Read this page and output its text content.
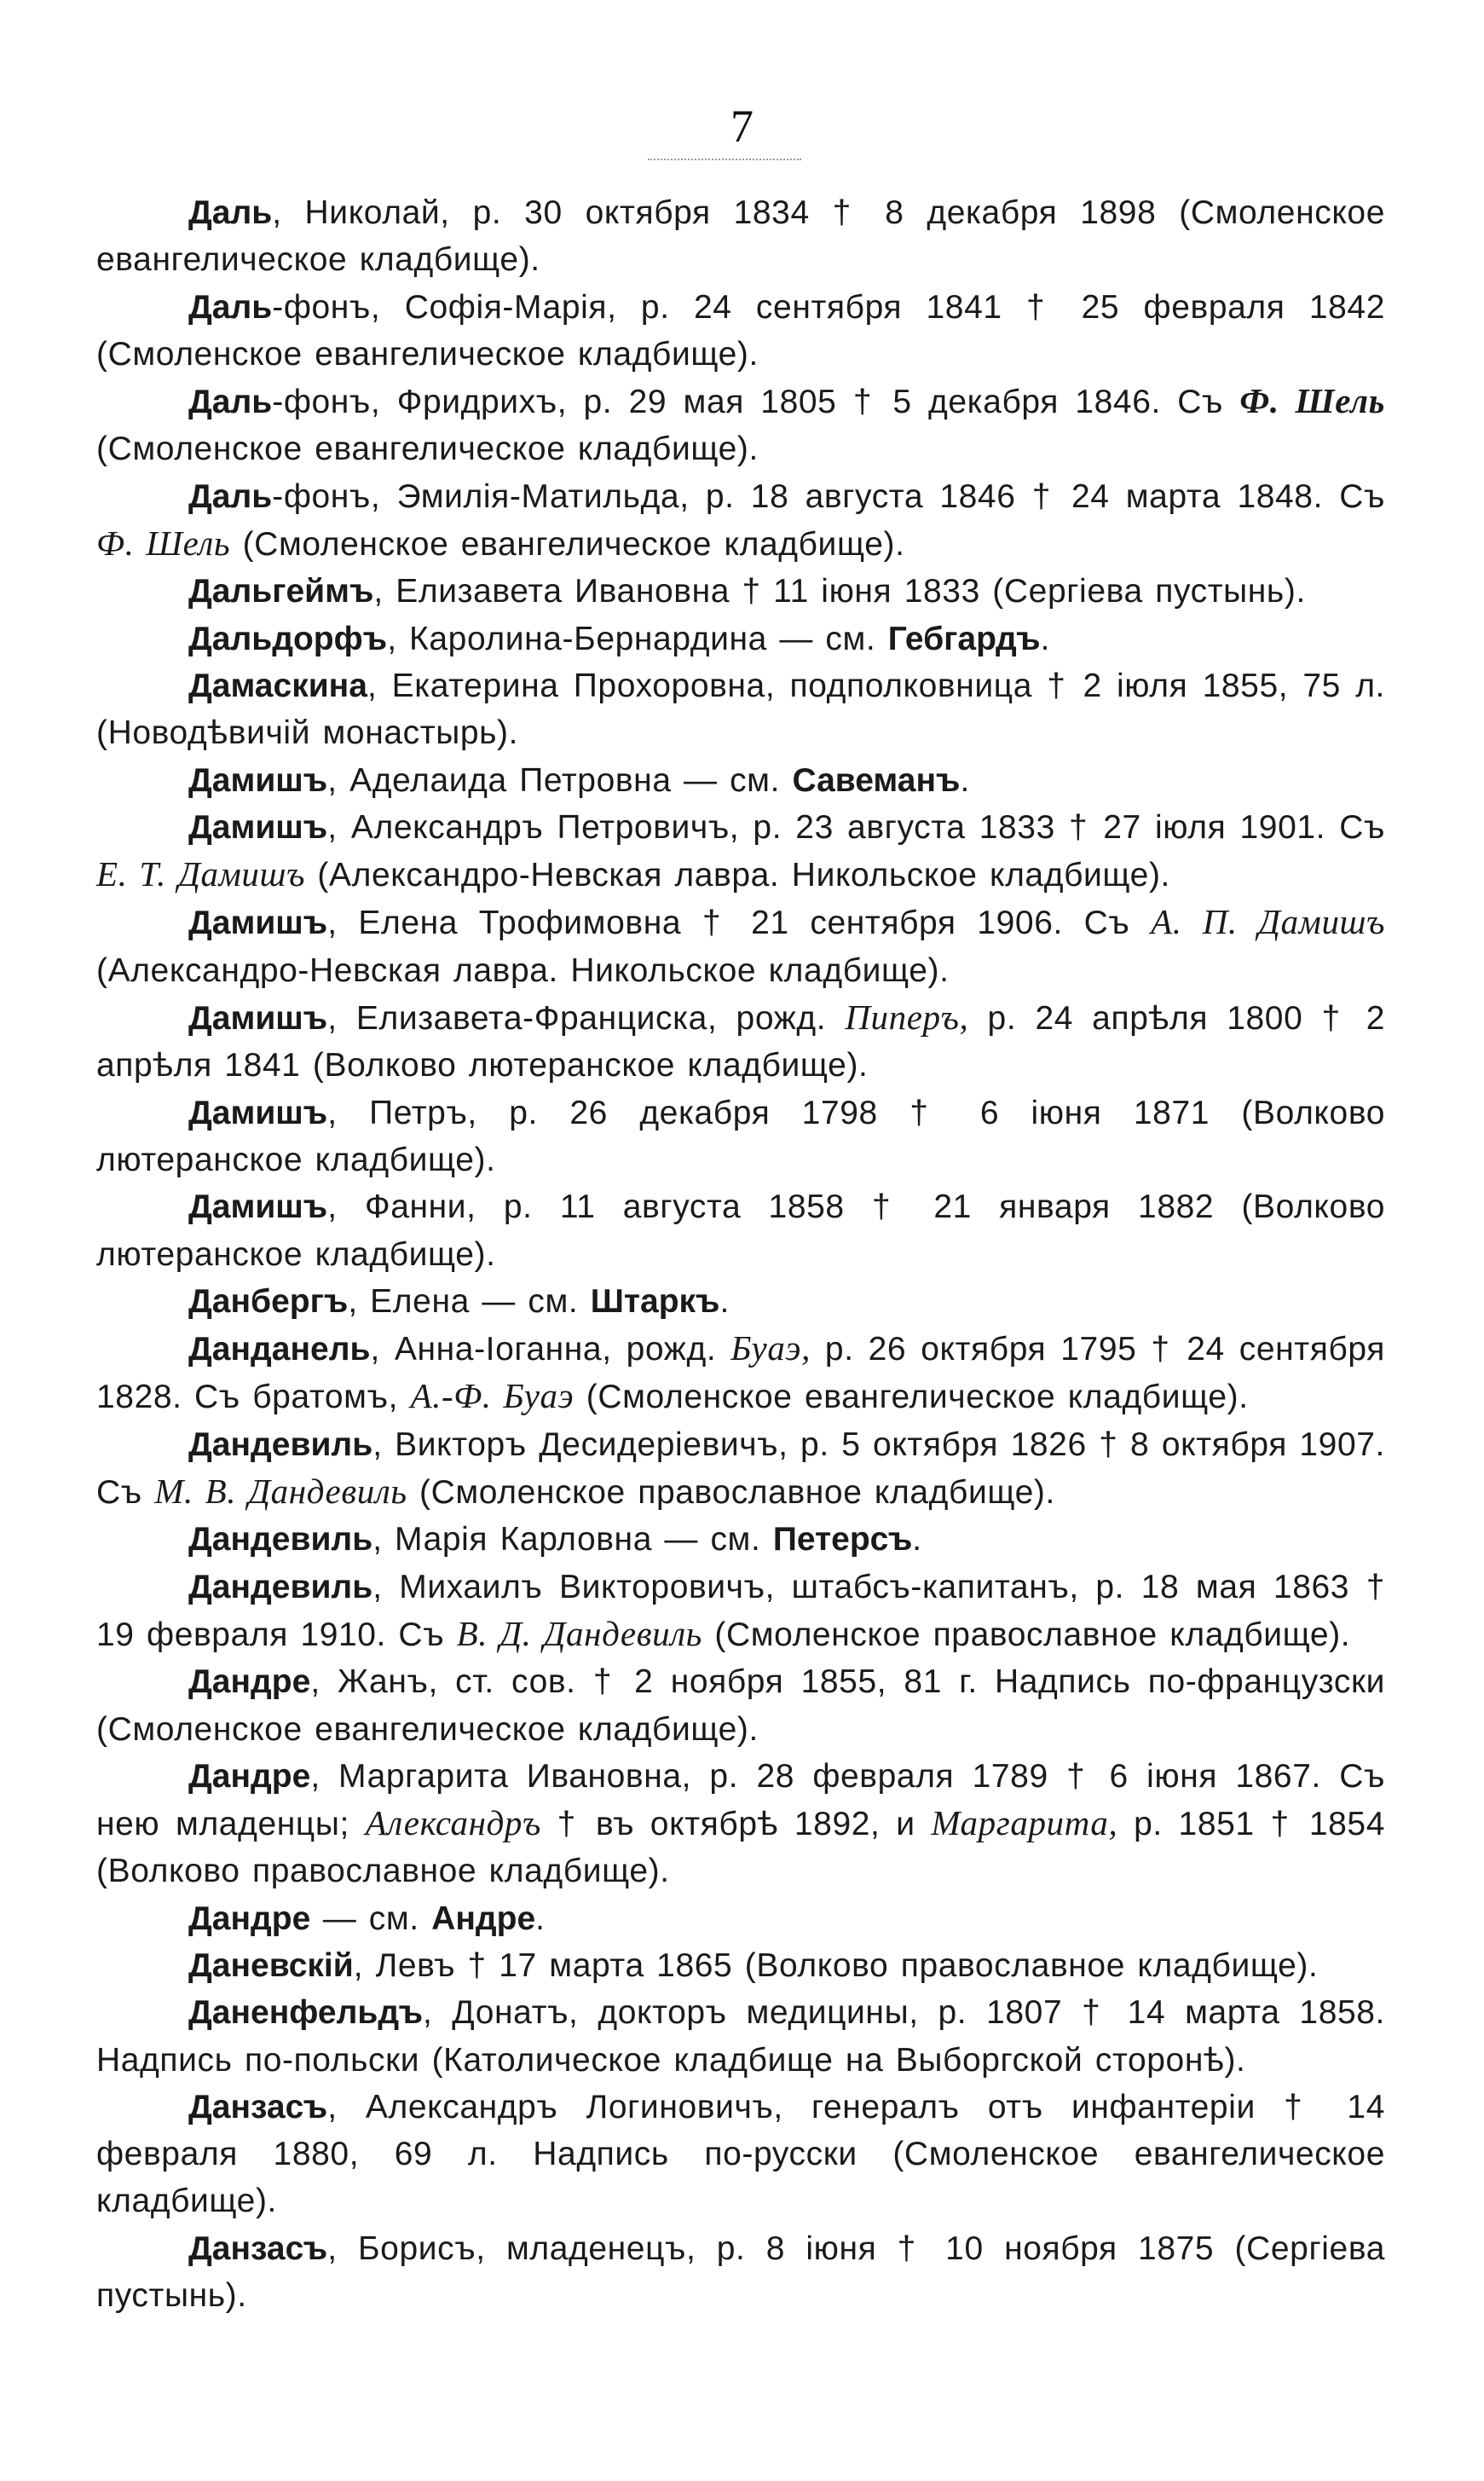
7

Даль, Николай, р. 30 октября 1834 † 8 декабря 1898 (Смоленское евангелическое кладбище).

Даль-фонъ, Софія-Марія, р. 24 сентября 1841 † 25 февраля 1842 (Смоленское евангелическое кладбище).

Даль-фонъ, Фридрихъ, р. 29 мая 1805 † 5 декабря 1846. Съ Ф. Шель (Смоленское евангелическое кладбище).

Даль-фонъ, Эмилія-Матильда, р. 18 августа 1846 † 24 марта 1848. Съ Ф. Шель (Смоленское евангелическое кладбище).

Дальгеймъ, Елизавета Ивановна † 11 іюня 1833 (Сергіева пустынь).

Дальдорфъ, Каролина-Бернардина — см. Гебгардъ.

Дамаскина, Екатерина Прохоровна, подполковница † 2 іюля 1855, 75 л. (Новодѣвичій монастырь).

Дамишъ, Аделаида Петровна — см. Савеманъ.

Дамишъ, Александръ Петровичъ, р. 23 августа 1833 † 27 іюля 1901. Съ Е. Т. Дамишъ (Александро-Невская лавра. Никольское кладбище).

Дамишъ, Елена Трофимовна † 21 сентября 1906. Съ А. П. Дамишъ (Александро-Невская лавра. Никольское кладбище).

Дамишъ, Елизавета-Франциска, рожд. Пиперъ, р. 24 апрѣля 1800 † 2 апрѣля 1841 (Волково лютеранское кладбище).

Дамишъ, Петръ, р. 26 декабря 1798 † 6 іюня 1871 (Волково лютеранское кладбище).

Дамишъ, Фанни, р. 11 августа 1858 † 21 января 1882 (Волково лютеранское кладбище).

Данбергъ, Елена — см. Штаркъ.

Данданель, Анна-Іоганна, рожд. Буаэ, р. 26 октября 1795 † 24 сентября 1828. Съ братомъ, А.-Ф. Буаэ (Смоленское евангелическое кладбище).

Дандевиль, Викторъ Десидеріевичъ, р. 5 октября 1826 † 8 октября 1907. Съ М. В. Дандевиль (Смоленское православное кладбище).

Дандевиль, Марія Карловна — см. Петерсъ.

Дандевиль, Михаилъ Викторовичъ, штабсъ-капитанъ, р. 18 мая 1863 † 19 февраля 1910. Съ В. Д. Дандевиль (Смоленское православное кладбище).

Дандре, Жанъ, ст. сов. † 2 ноября 1855, 81 г. Надпись по-французски (Смоленское евангелическое кладбище).

Дандре, Маргарита Ивановна, р. 28 февраля 1789 † 6 іюня 1867. Съ нею младенцы; Александръ † въ октябрѣ 1892, и Маргарита, р. 1851 † 1854 (Волково православное кладбище).

Дандре — см. Андре.

Даневскій, Левъ † 17 марта 1865 (Волково православное кладбище).

Даненфельдъ, Донатъ, докторъ медицины, р. 1807 † 14 марта 1858. Надпись по-польски (Католическое кладбище на Выборгской сторонѣ).

Данзасъ, Александръ Логиновичъ, генералъ отъ инфантеріи † 14 февраля 1880, 69 л. Надпись по-русски (Смоленское евангелическое кладбище).

Данзасъ, Борисъ, младенецъ, р. 8 іюня † 10 ноября 1875 (Сергіева пустынь).
